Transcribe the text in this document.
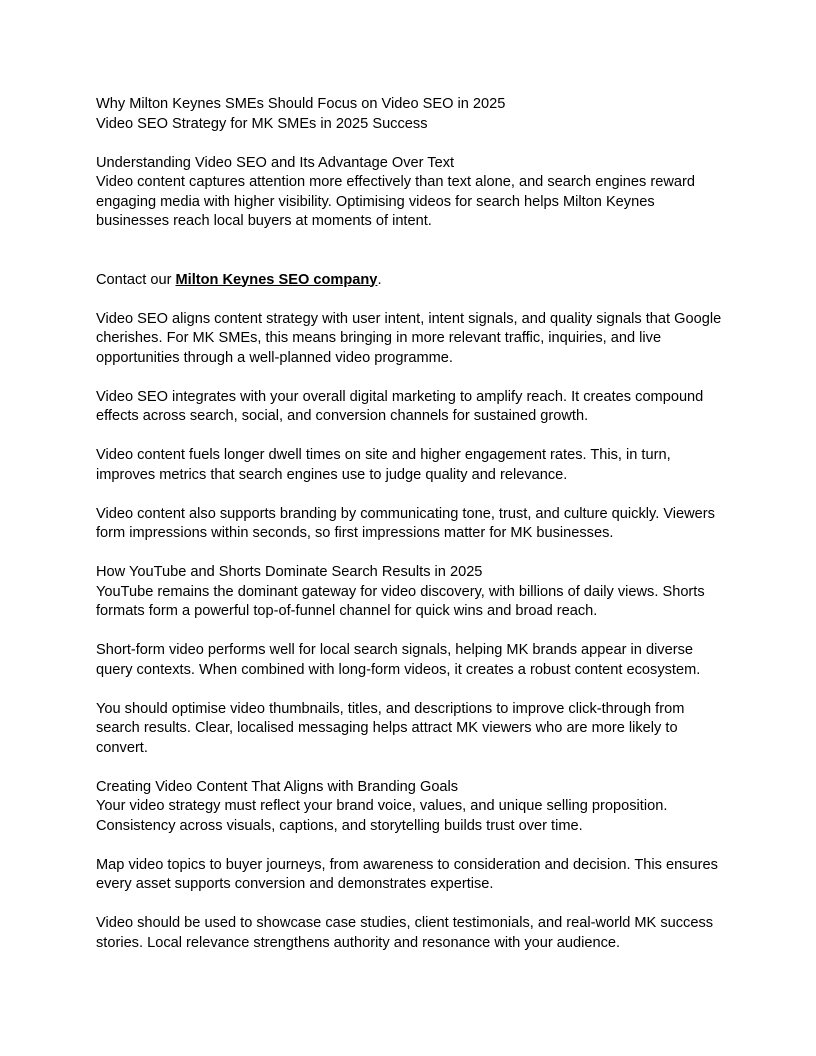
Why Milton Keynes SMEs Should Focus on Video SEO in 2025

Video SEO Strategy for MK SMEs in 2025 Success

Understanding Video SEO and Its Advantage Over Text

Video content captures attention more effectively than text alone, and search engines reward engaging media with higher visibility. Optimising videos for search helps Milton Keynes businesses reach local buyers at moments of intent.

Contact our Milton Keynes SEO company.

Video SEO aligns content strategy with user intent, intent signals, and quality signals that Google cherishes. For MK SMEs, this means bringing in more relevant traffic, inquiries, and live opportunities through a well-planned video programme.

Video SEO integrates with your overall digital marketing to amplify reach. It creates compound effects across search, social, and conversion channels for sustained growth.

Video content fuels longer dwell times on site and higher engagement rates. This, in turn, improves metrics that search engines use to judge quality and relevance.

Video content also supports branding by communicating tone, trust, and culture quickly. Viewers form impressions within seconds, so first impressions matter for MK businesses.

How YouTube and Shorts Dominate Search Results in 2025

YouTube remains the dominant gateway for video discovery, with billions of daily views. Shorts formats form a powerful top-of-funnel channel for quick wins and broad reach.

Short-form video performs well for local search signals, helping MK brands appear in diverse query contexts. When combined with long-form videos, it creates a robust content ecosystem.

You should optimise video thumbnails, titles, and descriptions to improve click-through from search results. Clear, localised messaging helps attract MK viewers who are more likely to convert.

Creating Video Content That Aligns with Branding Goals

Your video strategy must reflect your brand voice, values, and unique selling proposition. Consistency across visuals, captions, and storytelling builds trust over time.

Map video topics to buyer journeys, from awareness to consideration and decision. This ensures every asset supports conversion and demonstrates expertise.

Video should be used to showcase case studies, client testimonials, and real-world MK success stories. Local relevance strengthens authority and resonance with your audience.
